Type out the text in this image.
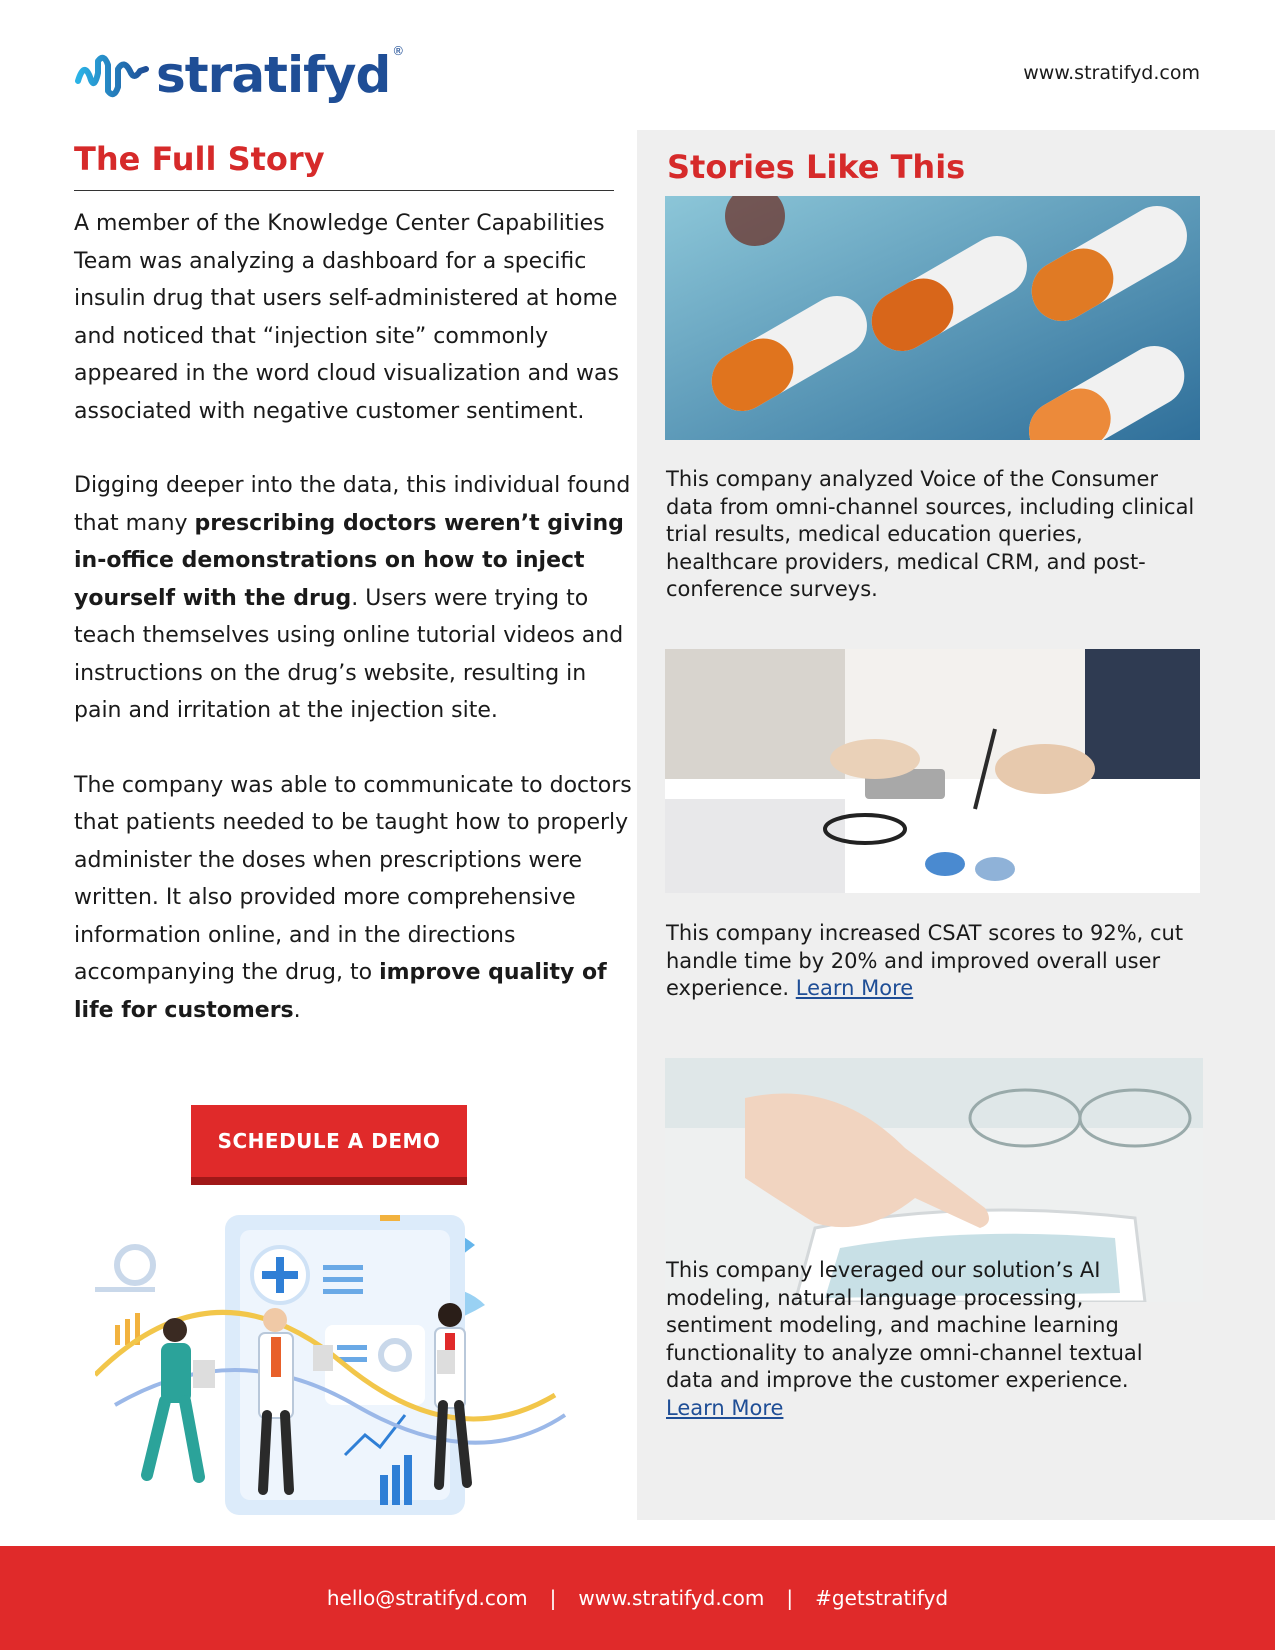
stratifyd ®
www.stratifyd.com
The Full Story

A member of the Knowledge Center Capabilities Team was analyzing a dashboard for a specific insulin drug that users self-administered at home and noticed that “injection site” commonly appeared in the word cloud visualization and was associated with negative customer sentiment.

Digging deeper into the data, this individual found that many prescribing doctors weren’t giving in-office demonstrations on how to inject yourself with the drug. Users were trying to teach themselves using online tutorial videos and instructions on the drug’s website, resulting in pain and irritation at the injection site.

The company was able to communicate to doctors that patients needed to be taught how to properly administer the doses when prescriptions were written. It also provided more comprehensive information online, and in the directions accompanying the drug, to improve quality of life for customers.

SCHEDULE A DEMO
Stories Like This

This company analyzed Voice of the Consumer data from omni-channel sources, including clinical trial results, medical education queries, healthcare providers, medical CRM, and post-conference surveys.

This company increased CSAT scores to 92%, cut handle time by 20% and improved overall user experience. Learn More

This company leveraged our solution’s AI modeling, natural language processing, sentiment modeling, and machine learning functionality to analyze omni-channel textual data and improve the customer experience.
Learn More

hello@stratifyd.com | www.stratifyd.com | #getstratifyd
